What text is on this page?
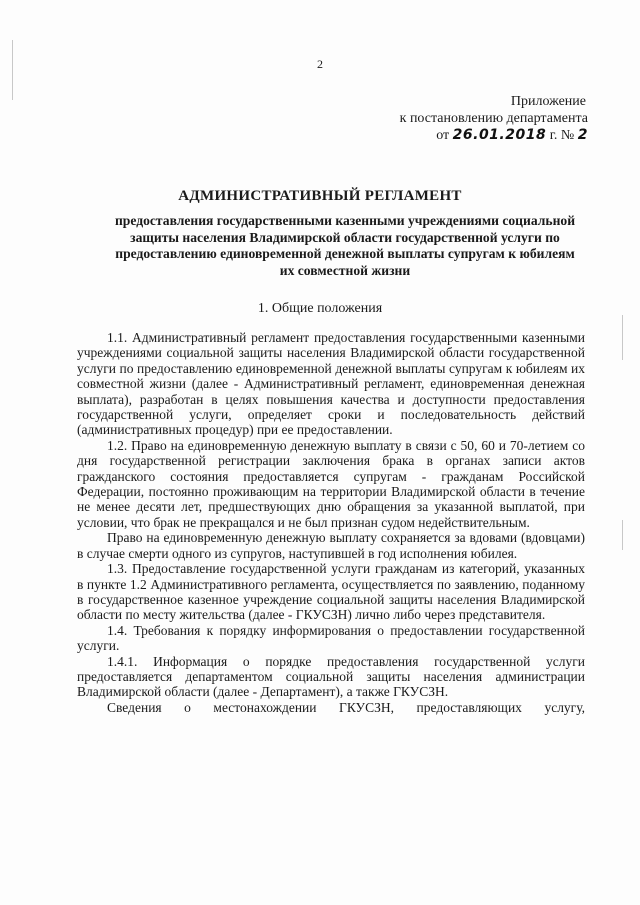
2
Приложение
к постановлению департамента
от 26.01.2018 г. № 2
АДМИНИСТРАТИВНЫЙ РЕГЛАМЕНТ
предоставления государственными казенными учреждениями социальной защиты населения Владимирской области государственной услуги по предоставлению единовременной денежной выплаты супругам к юбилеям их совместной жизни
1. Общие положения

1.1. Административный регламент предоставления государственными казенными учреждениями социальной защиты населения Владимирской области государственной услуги по предоставлению единовременной денежной выплаты супругам к юбилеям их совместной жизни (далее - Административный регламент, единовременная денежная выплата), разработан в целях повышения качества и доступности предоставления государственной услуги, определяет сроки и последовательность действий (административных процедур) при ее предоставлении.

1.2. Право на единовременную денежную выплату в связи с 50, 60 и 70-летием со дня государственной регистрации заключения брака в органах записи актов гражданского состояния предоставляется супругам - гражданам Российской Федерации, постоянно проживающим на территории Владимирской области в течение не менее десяти лет, предшествующих дню обращения за указанной выплатой, при условии, что брак не прекращался и не был признан судом недействительным.

Право на единовременную денежную выплату сохраняется за вдовами (вдовцами) в случае смерти одного из супругов, наступившей в год исполнения юбилея.

1.3. Предоставление государственной услуги гражданам из категорий, указанных в пункте 1.2 Административного регламента, осуществляется по заявлению, поданному в государственное казенное учреждение социальной защиты населения Владимирской области по месту жительства (далее - ГКУСЗН) лично либо через представителя.

1.4. Требования к порядку информирования о предоставлении государственной услуги.

1.4.1. Информация о порядке предоставления государственной услуги предоставляется департаментом социальной защиты населения администрации Владимирской области (далее - Департамент), а также ГКУСЗН.

Сведения о местонахождении ГКУСЗН, предоставляющих услугу,
